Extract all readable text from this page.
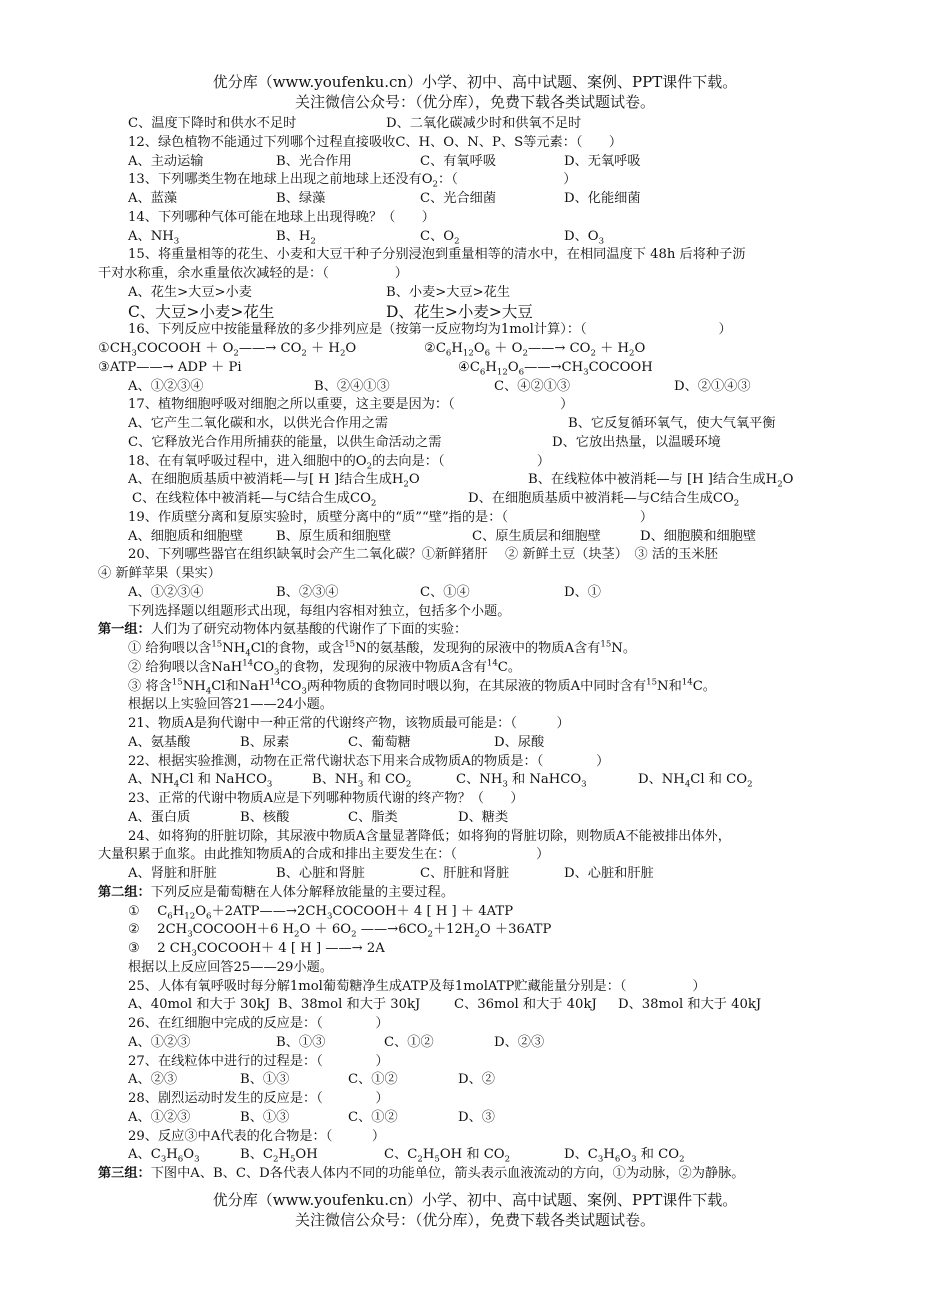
优分库（www.youfenku.cn）小学、初中、高中试题、案例、PPT课件下载。
关注微信公众号：（优分库），免费下载各类试题试卷。
C、温度下降时和供水不足时	D、二氧化碳减少时和供氧不足时
12、绿色植物不能通过下列哪个过程直接吸收C、H、O、N、P、S等元素：（　　）
A、主动运输	B、光合作用	C、有氧呼吸	D、无氧呼吸
13、下列哪类生物在地球上出现之前地球上还没有$O_2$：（　　　　　　　　）
A、蓝藻	B、绿藻	C、光合细菌	D、化能细菌
14、下列哪种气体可能在地球上出现得晚？（　　）
A、$NH_3$	B、$H_2$	C、$O_2$	D、$O_3$
15、将重量相等的花生、小麦和大豆干种子分别浸泡到重量相等的清水中，在相同温度下 48h 后将种子沥
干对水称重，余水重量依次减轻的是：（　　　　　）
A、花生>大豆>小麦	B、小麦>大豆>花生
C、大豆>小麦>花生	D、花生>小麦>大豆
16、下列反应中按能量释放的多少排列应是（按第一反应物均为1mol计算）：（　　　　　　　　　　）
$①CH_3COCOOH$ ＋ $O_2——\to CO_2 + H_2O$	$②C_6H_{12}O_6$ ＋ $O_2——\to CO_2 + H_2O$
③ATP——→ ADP ＋ Pi	$④C_6H_{12}O_6——\to CH_3COCOOH$
A、①②③④	B、②④①③	C、④②①③	D、②①④③
17、植物细胞呼吸对细胞之所以重要，这主要是因为：（　　　　　　　　）
A、它产生二氧化碳和水，以供光合作用之需	B、它反复循环氧气，使大气氧平衡
C、它释放光合作用所捕获的能量，以供生命活动之需	D、它放出热量，以温暖环境
18、在有氧呼吸过程中，进入细胞中的$O_2$的去向是：（　　　　　　　）
A、在细胞质基质中被消耗—与[ H ]结合生成$H_2O$	B、在线粒体中被消耗—与 [H ]结合生成$H_2O$
C、在线粒体中被消耗—与C结合生成$CO_2$	D、在细胞质基质中被消耗—与C结合生成$CO_2$
19、作质壁分离和复原实验时，质壁分离中的“质”“壁”指的是：（　　　　　　　　　　）
A、细胞质和细胞壁 B、原生质和细胞壁	C、原生质层和细胞壁	D、细胞膜和细胞壁
20、下列哪些器官在组织缺氧时会产生二氧化碳？①新鲜猪肝　 ② 新鲜土豆（块茎）　③ 活的玉米胚
④ 新鲜苹果（果实）
A、①②③④	B、②③④	C、①④	D、①
下列选择题以组题形式出现，每组内容相对独立，包括多个小题。
第一组：人们为了研究动物体内氨基酸的代谢作了下面的实验：
① 给狗喂以含$^{15}NH_4Cl$的食物，或含$^{15}$N的氨基酸，发现狗的尿液中的物质A含有$^{15}$N。
② 给狗喂以含$NaH^{14}CO_3$的食物，发现狗的尿液中物质A含有$^{14}$C。
③ 将含$^{15}NH_4Cl$和$NaH^{14}CO_3$两种物质的食物同时喂以狗，在其尿液的物质A中同时含有$^{15}$N和$^{14}$C。
根据以上实验回答21——24小题。
21、物质A是狗代谢中一种正常的代谢终产物，该物质最可能是：（　　　）
A、氨基酸	B、尿素	C、葡萄糖	D、尿酸
22、根据实验推测，动物在正常代谢状态下用来合成物质A的物质是：（　　　　）
A、$NH_4Cl$ 和 NaHCO$_3$	B、$NH_3$ 和 $CO_2$	C、$NH_3$ 和 NaHCO$_3$	D、$NH_4Cl$ 和 $CO_2$
23、正常的代谢中物质A应是下列哪种物质代谢的终产物？（　　）
A、蛋白质	B、核酸	C、脂类	D、糖类
24、如将狗的肝脏切除，其尿液中物质A含量显著降低；如将狗的肾脏切除，则物质A不能被排出体外，
大量积累于血浆。由此推知物质A的合成和排出主要发生在：（　　　　　　）
A、肾脏和肝脏	B、心脏和肾脏	C、肝脏和肾脏	D、心脏和肝脏
第二组：下列反应是葡萄糖在人体分解释放能量的主要过程。
①　 $C_6H_{12}O_6+2ATP——\to 2CH_3COCOOH+ 4$ [ H ] ＋ 4ATP
②　 $2CH_3COCOOH+6$ $H_2O + 6O_2$ $——\to 6CO_2+12H_2O +36ATP$
③　 2 $CH_3COCOOH+ 4$ [ H ] ——→ 2A
根据以上反应回答25——29小题。
25、人体有氧呼吸时每分解1mol葡萄糖净生成ATP及每1molATP贮藏能量分别是：（　　　　　）
A、40mol 和大于 30kJ B、38mol 和大于 30kJ	C、36mol 和大于 40kJ D、38mol 和大于 40kJ
26、在红细胞中完成的反应是：（　　　　）
A、①②③	B、①③	C、①②	D、②③
27、在线粒体中进行的过程是：（　　　　）
A、②③	B、①③	C、①②	D、②
28、剧烈运动时发生的反应是：（　　　　）
A、①②③	B、①③	C、①②	D、③
29、反应③中A代表的化合物是：（　　　）
A、$C_3H_6O_3$	B、$C_2H_5OH$	C、$C_2H_5OH$ 和 $CO_2$	D、$C_3H_6O_3$ 和 $CO_2$
第三组：下图中A、B、C、D各代表人体内不同的功能单位，箭头表示血液流动的方向，①为动脉，②为静脉。
优分库（www.youfenku.cn）小学、初中、高中试题、案例、PPT课件下载。
关注微信公众号：（优分库），免费下载各类试题试卷。
